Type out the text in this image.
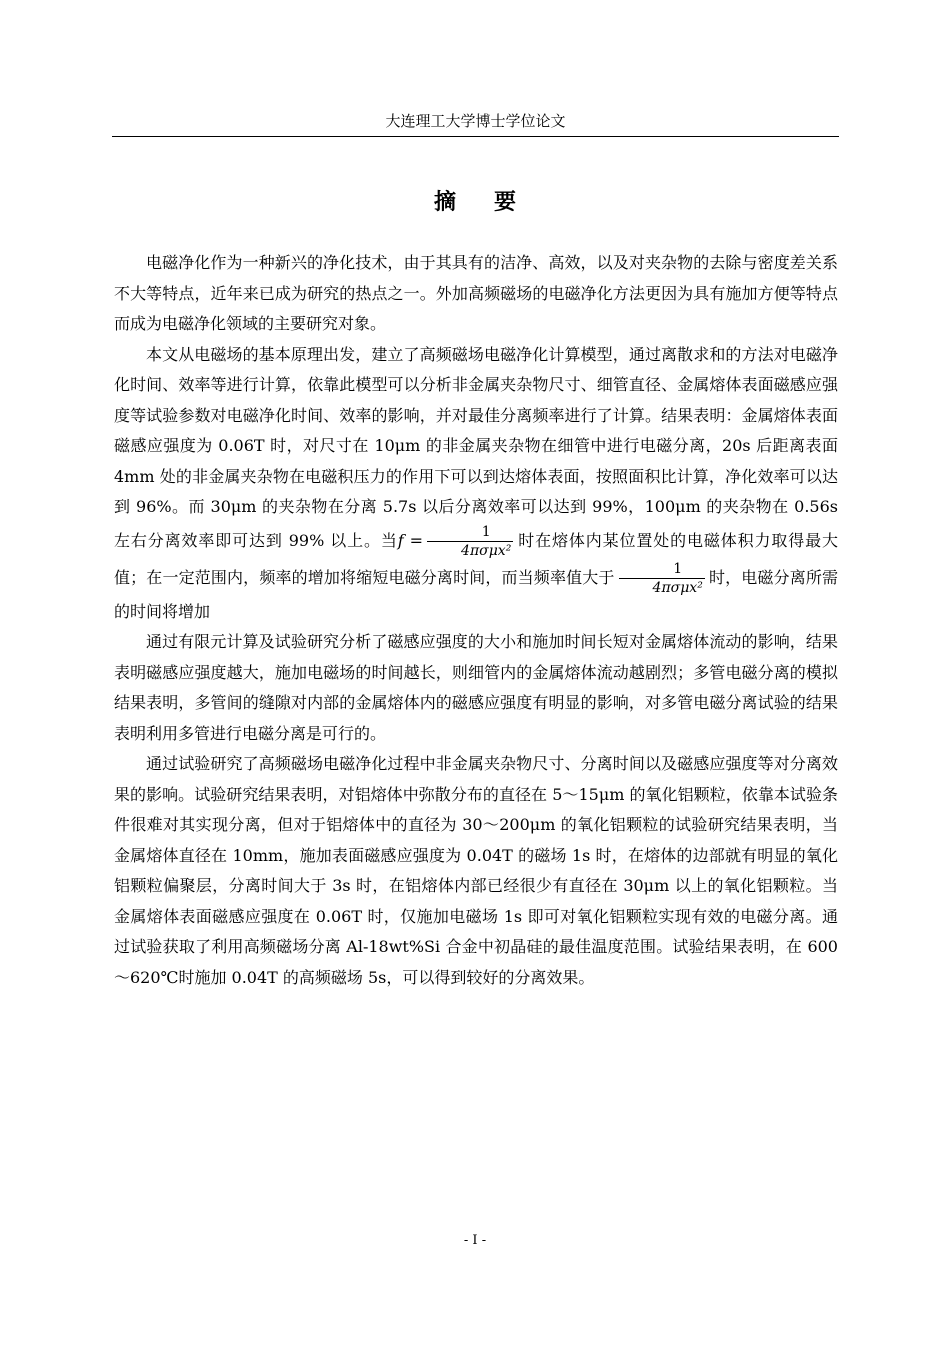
大连理工大学博士学位论文
摘要

电磁净化作为一种新兴的净化技术，由于其具有的洁净、高效，以及对夹杂物的去除与密度差关系不大等特点，近年来已成为研究的热点之一。外加高频磁场的电磁净化方法更因为具有施加方便等特点而成为电磁净化领域的主要研究对象。

本文从电磁场的基本原理出发，建立了高频磁场电磁净化计算模型，通过离散求和的方法对电磁净化时间、效率等进行计算，依靠此模型可以分析非金属夹杂物尺寸、细管直径、金属熔体表面磁感应强度等试验参数对电磁净化时间、效率的影响，并对最佳分离频率进行了计算。结果表明：金属熔体表面磁感应强度为 0.06T 时，对尺寸在 10μm 的非金属夹杂物在细管中进行电磁分离，20s 后距离表面 4mm 处的非金属夹杂物在电磁积压力的作用下可以到达熔体表面，按照面积比计算，净化效率可以达到 96%。而 30μm 的夹杂物在分离 5.7s 以后分离效率可以达到 99%，100μm 的夹杂物在 0.56s 左右分离效率即可达到 99% 以上。当$f = \frac{1}{\text{4πσμx²}}$ 时在熔体内某位置处的电磁体积力取得最大值；在一定范围内，频率的增加将缩短电磁分离时间，而当频率值大于 $\frac{1}{\text{4πσμx²}}$ 时，电磁分离所需的时间将增加

通过有限元计算及试验研究分析了磁感应强度的大小和施加时间长短对金属熔体流动的影响，结果表明磁感应强度越大，施加电磁场的时间越长，则细管内的金属熔体流动越剧烈；多管电磁分离的模拟结果表明，多管间的缝隙对内部的金属熔体内的磁感应强度有明显的影响，对多管电磁分离试验的结果表明利用多管进行电磁分离是可行的。

通过试验研究了高频磁场电磁净化过程中非金属夹杂物尺寸、分离时间以及磁感应强度等对分离效果的影响。试验研究结果表明，对铝熔体中弥散分布的直径在 5～15μm 的氧化铝颗粒，依靠本试验条件很难对其实现分离，但对于铝熔体中的直径为 30～200μm 的氧化铝颗粒的试验研究结果表明，当金属熔体直径在 10mm，施加表面磁感应强度为 0.04T 的磁场 1s 时，在熔体的边部就有明显的氧化铝颗粒偏聚层，分离时间大于 3s 时，在铝熔体内部已经很少有直径在 30μm 以上的氧化铝颗粒。当金属熔体表面磁感应强度在 0.06T 时，仅施加电磁场 1s 即可对氧化铝颗粒实现有效的电磁分离。通过试验获取了利用高频磁场分离 Al-18wt%Si 合金中初晶硅的最佳温度范围。试验结果表明，在 600～620℃时施加 0.04T 的高频磁场 5s，可以得到较好的分离效果。

- I -
